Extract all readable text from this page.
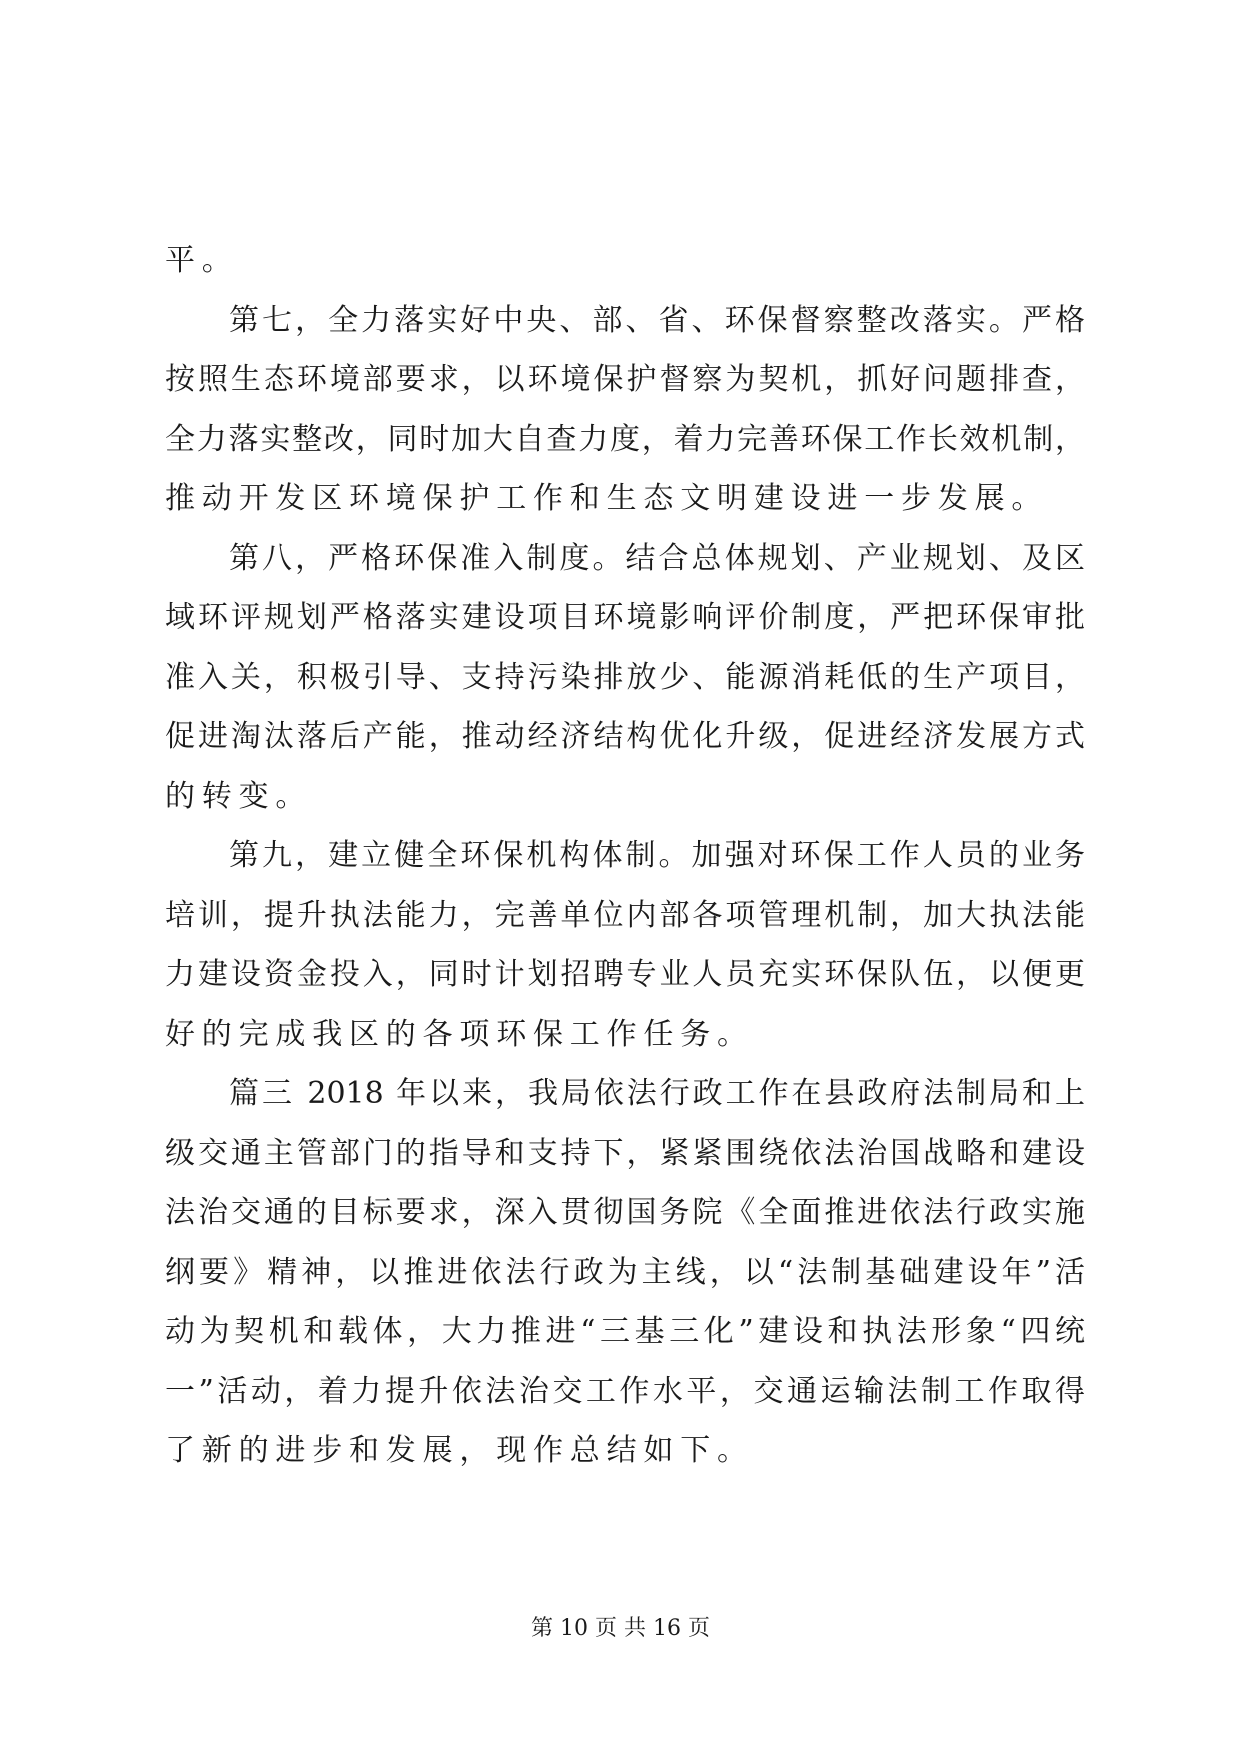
平。
第七，全力落实好中央、部、省、环保督察整改落实。严格
按照生态环境部要求，以环境保护督察为契机，抓好问题排查，
全力落实整改，同时加大自查力度，着力完善环保工作长效机制，
推动开发区环境保护工作和生态文明建设进一步发展。
第八，严格环保准入制度。结合总体规划、产业规划、及区
域环评规划严格落实建设项目环境影响评价制度，严把环保审批
准入关，积极引导、支持污染排放少、能源消耗低的生产项目，
促进淘汰落后产能，推动经济结构优化升级，促进经济发展方式
的转变。
第九，建立健全环保机构体制。加强对环保工作人员的业务
培训，提升执法能力，完善单位内部各项管理机制，加大执法能
力建设资金投入，同时计划招聘专业人员充实环保队伍，以便更
好的完成我区的各项环保工作任务。
篇三 2018 年以来，我局依法行政工作在县政府法制局和上
级交通主管部门的指导和支持下，紧紧围绕依法治国战略和建设
法治交通的目标要求，深入贯彻国务院《全面推进依法行政实施
纲要》精神，以推进依法行政为主线，以“法制基础建设年”活
动为契机和载体，大力推进“三基三化”建设和执法形象“四统
一”活动，着力提升依法治交工作水平，交通运输法制工作取得
了新的进步和发展，现作总结如下。
第 10 页 共 16 页
